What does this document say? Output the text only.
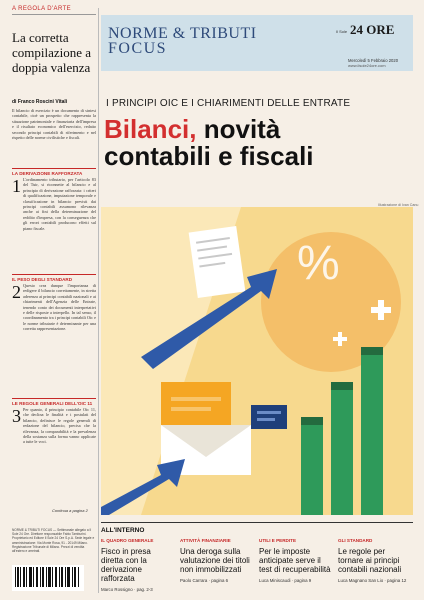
A REGOLA D'ARTE
La corretta compilazione a doppia valenza
di Franco Roscini Vitali
Il bilancio di esercizio è un documento di sintesi contabile, cioè un prospetto che rappresenta la situazione patrimoniale e finanziaria dell'impresa e il risultato economico dell'esercizio, redatto secondo principi contabili di riferimento e nel rispetto delle norme civilistiche e fiscali.
LA DERIVAZIONE RAFFORZATA
1 L'ordinamento tributario, per l'articolo 83 del Tuir, si riconnette al bilancio e al principio di derivazione rafforzata: i criteri di qualificazione, imputazione temporale e classificazione in bilancio previsti dai principi contabili assumono rilevanza anche ai fini della determinazione del reddito d'impresa, con la conseguenza che gli errori contabili producono effetti sul piano fiscale.
IL PESO DEGLI STANDARD
2 Questo crea dunque l'importanza di redigere il bilancio correttamente, in stretta aderenza ai principi contabili nazionali e ai chiarimenti dell'Agenzia delle Entrate, tenendo conto dei documenti interpretativi e delle risposte a interpello. In tal senso, il coordinamento tra i principi contabili Oic e le norme tributarie è determinante per una corretta rappresentazione.
LE REGOLE GENERALI DELL'OIC 11
3 Per quanto, il principio contabile Oic 11, che declina le finalità e i postulati del bilancio, definisce le regole generali di redazione del bilancio, precisa che la rilevanza, la comparabilità e la prevalenza della sostanza sulla forma vanno applicate a tutte le voci.
Continua a pagina 2
NORME & TRIBUTI
FOCUS
Il Sole 24 ORE
Mercoledì 5 Febbraio 2020
www.ilsole24ore.com
I PRINCIPI OIC E I CHIARIMENTI DELLE ENTRATE
Bilanci, novità
contabili e fiscali
Illustrazione di Ivan Canu
%
ALL'INTERNO
IL QUADRO GENERALE
Fisco in presa diretta con la derivazione rafforzata
Marco Rossigno · pag. 2-3
ATTIVITÀ FINANZIARIE
Una deroga sulla valutazione dei titoli non immobilizzati
Paolo Carrara · pagina 6
UTILI E PERDITE
Per le imposte anticipate serve il test di recuperabilità
Luca Miniscaudi · pagina 9
GLI STANDARD
Le regole per tornare ai principi contabili nazionali
Luca Magnano San Lio · pagina 12
NORME & TRIBUTI FOCUS — Settimanale allegato a Il Sole 24 Ore. Direttore responsabile Fabio Tamburini. Proprietario ed Editore Il Sole 24 Ore S.p.A. Sede legale e amministrazione: Via Monte Rosa, 91 - 20149 Milano. Registrazione Tribunale di Milano. Prezzi di vendita all'estero e arretrati.
